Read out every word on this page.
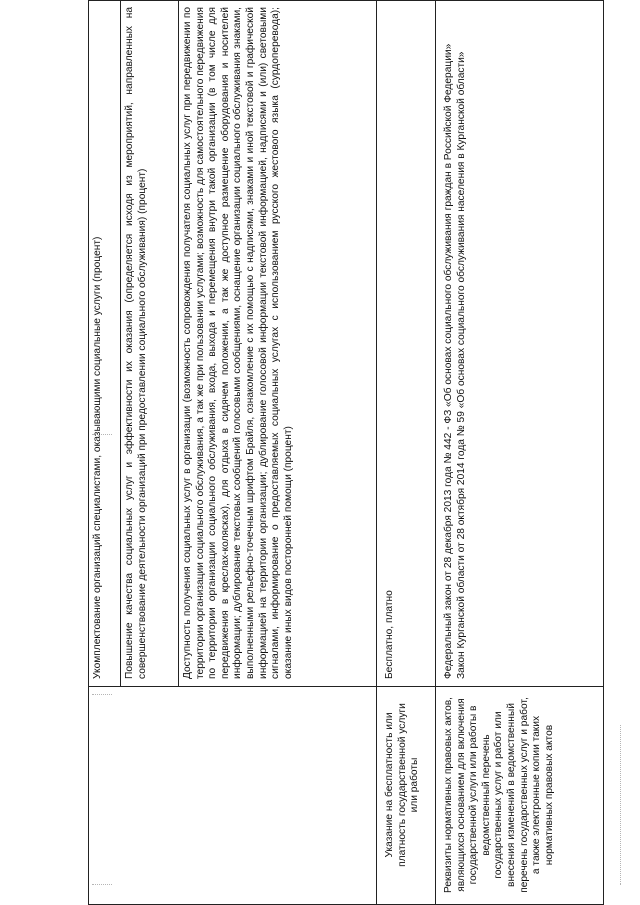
Укомплектование организаций специалистами, оказывающими социальные услуги (процент) Повышение качества социальных услуг и эффективности их оказания (определяется исходя из мероприятий, направленных на совершенствование деятельности организаций при предоставлении социального обслуживания) (процент)	Доступность получения социальных услуг в организации (возможность сопровождения получателя социальных услуг при передвижении по территории организации социального обслуживания, а так же при пользовании услугами; возможность для самостоятельного передвижения по территории организации социального обслуживания, входа, выхода и перемещения внутри такой организации (в том числе для передвижения в креслах-колясках), для отдыха в сидячем положении, а так же доступное размещение оборудования и носителей информации; дублирование текстовых сообщений голосовыми сообщениями, оснащение организации социального обслуживания знаками, выполненными рельефно-точечным шрифтом Брайля, ознакомление с их помощью с надписями, знаками и иной текстовой и графической информацией на территории организации; дублирование голосовой информации текстовой информацией, надписями и (или) световыми сигналами, информирование о предоставляемых социальных услугах с использованием русского жестового языка (сурдоперевода); оказание иных видов посторонней помощи (процент)

Указание на бесплатность или платность государственной услуги или работы
Бесплатно, платно
Реквизиты нормативных правовых актов, являющихся основанием для включения государственной услуги или работы в ведомственный перечень государственных услуг и работ или внесения изменений в ведомственный перечень государственных услуг и работ, а также электронные копии таких нормативных правовых актов

Федеральный закон от 28 декабря 2013 года № 442 - ФЗ «Об основах социального обслуживания граждан в Российской Федерации» Закон Курганской области от 28 октября 2014 года № 59 «Об основах социального обслуживания населения в Курганской области»
